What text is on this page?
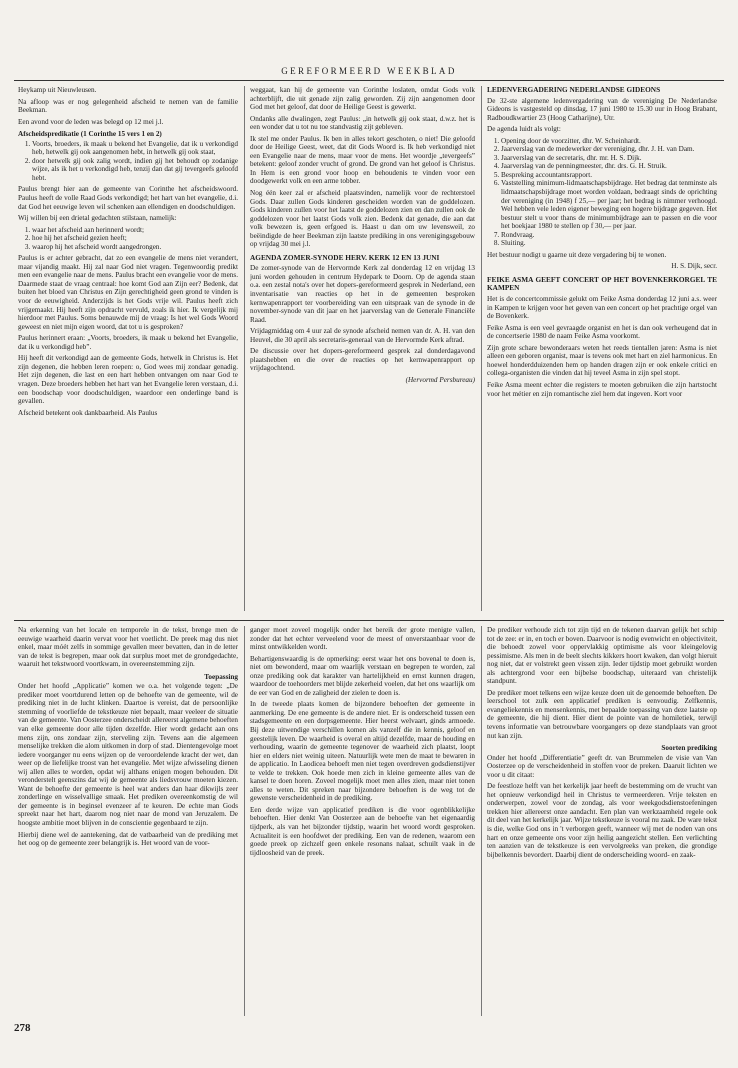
GEREFORMEERD WEEKBLAD

Heykamp uit Nieuwleusen.

Na afloop was er nog gelegenheid afscheid te nemen van de familie Beekman.

Een avond voor de leden was belegd op 12 mei j.l.

Afscheidspredikatie (1 Corinthe 15 vers 1 en 2)
1. Voorts, broeders, ik maak u bekend het Evangelie, dat ik u verkondigd heb, hetwelk gij ook aangenomen hebt, in hetwelk gij ook staat,
2. door hetwelk gij ook zalig wordt, indien gij het behoudt op zodanige wijze, als ik het u verkondigd heb, tenzij dan dat gij tevergeefs geloofd hebt.

Paulus brengt hier aan de gemeente van Corinthe het afscheidswoord. Paulus heeft de volle Raad Gods verkondigd; het hart van het evangelie, d.i. dat God het eeuwige leven wil schenken aan ellendigen en doodschuldigen.

Wij willen bij een drietal gedachten stilstaan, namelijk:

1. waar het afscheid aan herinnerd wordt;
2. hoe hij het afscheid gezien heeft;
3. waarop hij het afscheid wordt aangedrongen.

Paulus is er achter gebracht, dat zo een evangelie de mens niet verandert, maar vijandig maakt. Hij zal naar God niet vragen. Tegenwoordig predikt men een evangelie naar de mens. Paulus bracht een evangelie voor de mens. Daarmede staat de vraag centraal: hoe komt God aan Zijn eer? Bedenk, dat buiten het bloed van Christus en Zijn gerechtigheid geen grond te vinden is voor de eeuwigheid. Anderzijds is het Gods vrije wil. Paulus heeft zich vrijgemaakt. Hij heeft zijn opdracht vervuld, zoals ik hier. Ik vergelijk mij hierdoor met Paulus. Soms benauwde mij de vraag: Is het wel Gods Woord geweest en niet mijn eigen woord, dat tot u is gesproken?

Paulus herinnert eraan: „Voorts, broeders, ik maak u bekend het Evangelie, dat ik u verkondigd heb”.

Hij heeft dit verkondigd aan de gemeente Gods, hetwelk in Christus is. Het zijn degenen, die hebben leren roepen: o, God wees mij zondaar genadig. Het zijn degenen, die last en een hart hebben ontvangen om naar God te vragen. Deze broeders hebben het hart van het Evangelie leren verstaan, d.i. een boodschap voor doodschuldigen, waardoor een onderlinge band is gevallen.

Afscheid betekent ook dankbaarheid. Als Paulus

weggaat, kan hij de gemeente van Corinthe loslaten, omdat Gods volk achterblijft, die uit genade zijn zalig geworden. Zij zijn aangenomen door God met het geloof, dat door de Heilige Geest is gewerkt.

Ondanks alle dwalingen, zegt Paulus: „in hetwelk gij ook staat, d.w.z. het is een wonder dat u tot nu toe standvastig zijt gebleven.

Ik stel me onder Paulus. Ik ben in alles tekort geschoten, o niet! Die geloofd door de Heilige Geest, weet, dat dit Gods Woord is. Ik heb verkondigd niet een Evangelie naar de mens, maar voor de mens. Het woordje „tevergeefs” betekent: geloof zonder vrucht of grond. De grond van het geloof is Christus. In Hem is een grond voor hoop en behoudenis te vinden voor een doodgewerkt volk en een arme tobber.

Nog één keer zal er afscheid plaatsvinden, namelijk voor de rechterstoel Gods. Daar zullen Gods kinderen gescheiden worden van de goddelozen. Gods kinderen zullen voor het laatst de goddelozen zien en dan zullen ook de goddelozen voor het laatst Gods volk zien. Bedenk dat genade, die aan dat volk bewezen is, geen erfgoed is. Haast u dan om uw levensweil, zo beëindigde de heer Beekman zijn laatste prediking in ons verenigingsgebouw op vrijdag 30 mei j.l.

AGENDA ZOMER-SYNODE HERV. KERK 12 EN 13 JUNI

De zomer-synode van de Hervormde Kerk zal donderdag 12 en vrijdag 13 juni worden gehouden in centrum Hydepark te Doorn. Op de agenda staan o.a. een zestal nota's over het dopers-gereformeerd gesprek in Nederland, een inventarisatie van reacties op het in de gemeenten besproken kernwapenrapport ter voorbereiding van een uitspraak van de synode in de november-synode van dit jaar en het jaarverslag van de Generale Financiële Raad.

Vrijdagmiddag om 4 uur zal de synode afscheid nemen van dr. A. H. van den Heuvel, die 30 april als secretaris-generaal van de Hervormde Kerk aftrad.

De discussie over het dopers-gereformeerd gesprek zal donderdagavond plaatshebben en die over de reacties op het kernwapenrapport op vrijdagochtend.

(Hervormd Persbureau)
LEDENVERGADERING NEDERLANDSE GIDEONS

De 32-ste algemene ledenvergadering van de vereniging De Nederlandse Gideons is vastgesteld op dinsdag, 17 juni 1980 te 15.30 uur in Hoog Brabant, Radboudkwartier 23 (Hoog Catharijne), Utr.

De agenda luidt als volgt:

1. Opening door de voorzitter, dhr. W. Scheinhardt.
2. Jaarverslag van de medewerker der vereniging, dhr. J. H. van Dam.
3. Jaarverslag van de secretaris, dhr. mr. H. S. Dijk.
4. Jaarverslag van de penningmeester, dhr. drs. G. H. Struik.
5. Bespreking accountantsrapport.
6. Vaststelling minimum-lidmaatschapsbijdrage. Het bedrag dat tenminste als lidmaatschapsbijdrage moet worden voldaan, bedraagt sinds de oprichting der vereniging (in 1948) f 25,— per jaar; het bedrag is nimmer verhoogd. Wel hebben vele leden eigener beweging een hogere bijdrage gegeven. Het bestuur stelt u voor thans de minimumbijdrage aan te passen en die voor het boekjaar 1980 te stellen op f 30,— per jaar.
7. Rondvraag.
8. Sluiting.

Het bestuur nodigt u gaarne uit deze vergadering bij te wonen.

H. S. Dijk, secr.
FEIKE ASMA GEEFT CONCERT OP HET BOVENKERKORGEL TE KAMPEN

Het is de concertcommissie gelukt om Feike Asma donderdag 12 juni a.s. weer in Kampen te krijgen voor het geven van een concert op het prachtige orgel van de Bovenkerk.

Feike Asma is een veel gevraagde organist en het is dan ook verheugend dat in de concertserie 1980 de naam Feike Asma voorkomt.

Zijn grote schare bewonderaars weten het reeds tientallen jaren: Asma is niet alleen een geboren organist, maar is tevens ook met hart en ziel harmonicus. En hoewel honderdduizenden hem op handen dragen zijn er ook enkele critici en collega-organisten die vinden dat hij teveel Asma in zijn spel stopt.

Feike Asma meent echter die registers te moeten gebruiken die zijn hartstocht voor het métier en zijn romantische ziel hem dat ingeven. Kort voor

Na erkenning van het locale en temporele in de tekst, brenge men de eeuwige waarheid daarin vervat voor het voetlicht. De preek mag dus niet enkel, maar móét zelfs in sommige gevallen meer bevatten, dan in de letter van de tekst is begrepen, maar ook dat surplus moet met de grondgedachte, waaruit het tekstwoord voortkwam, in overeenstemming zijn.

Toepassing

Onder het hoofd „Applicatie” komen we o.a. het volgende tegen: „De prediker moet voortdurend letten op de behoefte van de gemeente, wil de prediking niet in de lucht klinken. Daartoe is vereist, dat de persoonlijke stemming of voorliefde de tekstkeuze niet bepaalt, maar veeleer de situatie van de gemeente. Van Oosterzee onderscheidt allereerst algemene behoeften van elke gemeente door alle tijden dezelfde. Hier wordt gedacht aan ons mens zijn, ons zondaar zijn, sterveling zijn. Tevens aan die algemeen menselijke trekken die alom uitkomen in dorp of stad. Dientengevolge moet iedere voorganger nu eens wijzen op de veroordelende kracht der wet, dan weer op de liefelijke troost van het evangelie. Met wijze afwisseling dienen wij allen alles te worden, opdat wij althans enigen mogen behouden. Dit veronderstelt geenszins dat wij de gemeente als liedsvrouw moeten kiezen. Want de behoefte der gemeente is heel wat anders dan haar dikwijls zeer zonderlinge en wisselvallige smaak. Het prediken overeenkomstig de wil der gemeente is in beginsel evenzeer af te keuren. De echte man Gods spreekt naar het hart, daarom nog niet naar de mond van Jeruzalem. De hoogste ambitie moet blijven in de conscientie gegenbaard te zijn.

Hierbij diene wel de aantekening, dat de vatbaarheid van de prediking met het oog op de gemeente zeer belangrijk is. Het woord van de voor-

ganger moet zoveel mogelijk onder het bereik der grote menigte vallen, zonder dat het echter verveelend voor de meest of onverstaanbaar voor de minst ontwikkelden wordt.

Behartigenswaardig is de opmerking: eerst waar het ons bovenal te doen is, niet om bewonderd, maar om waarlijk verstaan en begrepen te worden, zal onze prediking ook dat karakter van hartelijkheid en ernst kunnen dragen, waardoor de toehoorders met blijde zekerheid voelen, dat het ons waarlijk om de eer van God en de zaligheid der zielen te doen is.

In de tweede plaats komen de bijzondere behoeften der gemeente in aanmerking. De ene gemeente is de andere niet. Er is onderscheid tussen een stadsgemeente en een dorpsgemeente. Hier heerst welvaart, ginds armoede. Bij deze uitwendige verschillen komen als vanzelf die in kennis, geloof en geestelijk leven. De waarheid is overal en altijd dezelfde, maar de houding en verhouding, waarin de gemeente tegenover de waarheid zich plaatst, loopt hier en elders niet weinig uiteen. Natuurlijk wete men de maat te bewaren in de applicatio. In Laodicea behoeft men niet tegen overdreven godsdienstijver te velde te trekken. Ook hoede men zich in kleine gemeente alles van de kansel te doen horen. Zoveel mogelijk moet men alles zien, maar niet tonen alles te weten. Dit spreken naar bijzondere behoeften is de weg tot de gewenste verscheidenheid in de prediking.

Een derde wijze van applicatief prediken is die voor ogenblikkelijke behoeften. Hier denkt Van Oosterzee aan de behoefte van het eigenaardig tijdperk, als van het bijzonder tijdstip, waarin het woord wordt gesproken. Actualiteit is een hoofdwet der prediking. Een van de redenen, waarom een goede preek op zichzelf geen enkele resonans nalaat, schuilt vaak in de tijdloosheid van de preek.

De prediker verhoude zich tot zijn tijd en de tekenen daarvan gelijk het schip tot de zee: er in, en toch er boven. Daarvoor is nodig evenwicht en objectiviteit, die behoedt zowel voor oppervlakkig optimisme als voor kleingelovig pessimisme. Als men in de beelt slechts kikkers hoort kwaken, dan volgt hieruit nog niet, dat er volstrekt geen vissen zijn. Ieder tijdstip moet gebruikt worden als achtergrond voor een bijbelse boodschap, uiteraard van christelijk standpunt.

De prediker moet telkens een wijze keuze doen uit de genoemde behoeften. De leerschool tot zulk een applicatief prediken is eenvoudig. Zelfkennis, evangeliekennis en mensenkennis, met bepaalde toepassing van deze laatste op de gemeente, die hij dient. Hier dient de pointe van de homiletiek, terwijl tevens informatie van betrouwbare voorgangers op deze standplaats van groot nut kan zijn.

Soorten prediking

Onder het hoofd „Differentiatie” geeft dr. van Brummelen de visie van Van Oosterzee op de verscheidenheid in stoffen voor de preken. Daaruit lichten we voor u dit citaat:

De feestloze helft van het kerkelijk jaar heeft de bestemming om de vrucht van het opnieuw verkondigd heil in Christus te vermeerderen. Vrije teksten en onderwerpen, zowel voor de zondag, als voor weekgodsdienstoefeningen trekken hier allereerst onze aandacht. Een plan van werkzaamheid regele ook dit deel van het kerkelijk jaar. Wijze tekstkeuze is vooral nu zaak. De ware tekst is die, welke God ons in 't verborgen geeft, wanneer wij met de noden van ons hart en onze gemeente ons voor zijn heilig aangezicht stellen. Een verlichting ten aanzien van de tekstkeuze is een vervolgreeks van preken, die grondige bijbelkennis bevordert. Daarbij dient de onderscheiding woord- en zaak-

278
